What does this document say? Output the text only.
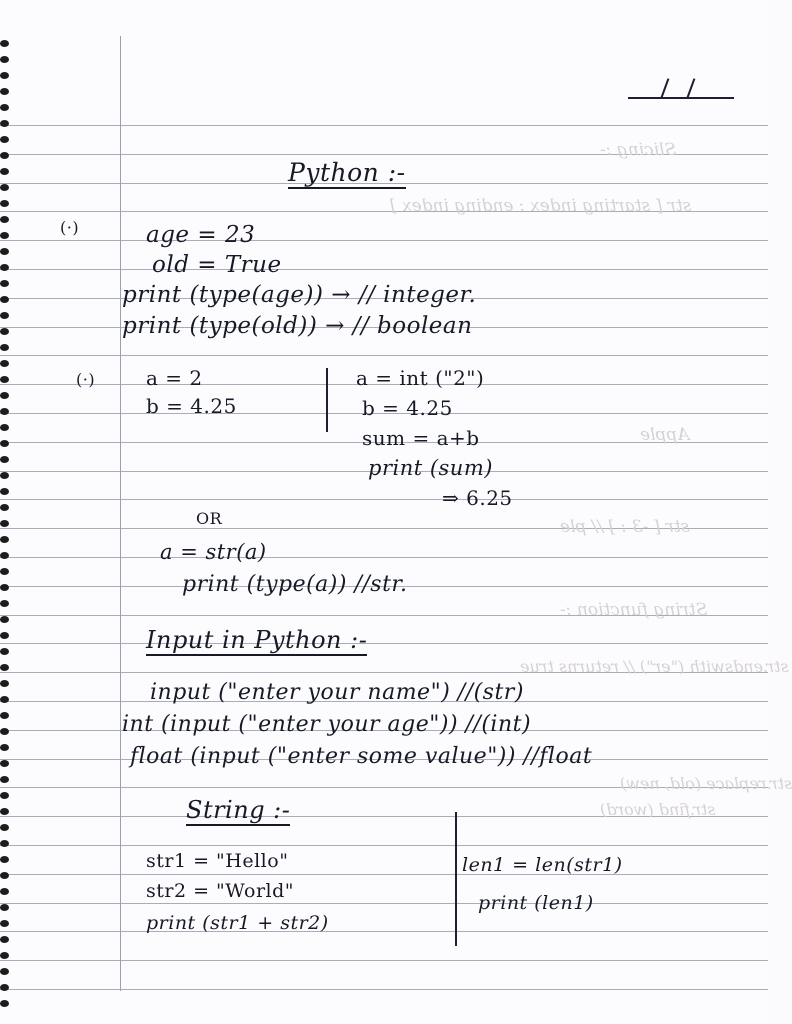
Slicing :-
str [ starting index : ending index ]
Apple
str [ -3 : ] // ple
String function :-
str.endswith ("er") // returns true
str.replace (old, new)
str.find (word)
Python :-
(·)	age = 23
old = True
print (type(age)) → // integer.
print (type(old)) → // boolean
(·)	a = 2
b = 4.25
a = int ("2")
b = 4.25
sum = a+b
print (sum)
⇒ 6.25
OR
a = str(a)
print (type(a)) //str.
Input in Python :-
input ("enter your name") //(str)
int (input ("enter your age")) //(int)
float (input ("enter some value")) //float
String :-
str1 = "Hello"
str2 = "World"
print (str1 + str2)
len1 = len(str1)
print (len1)
